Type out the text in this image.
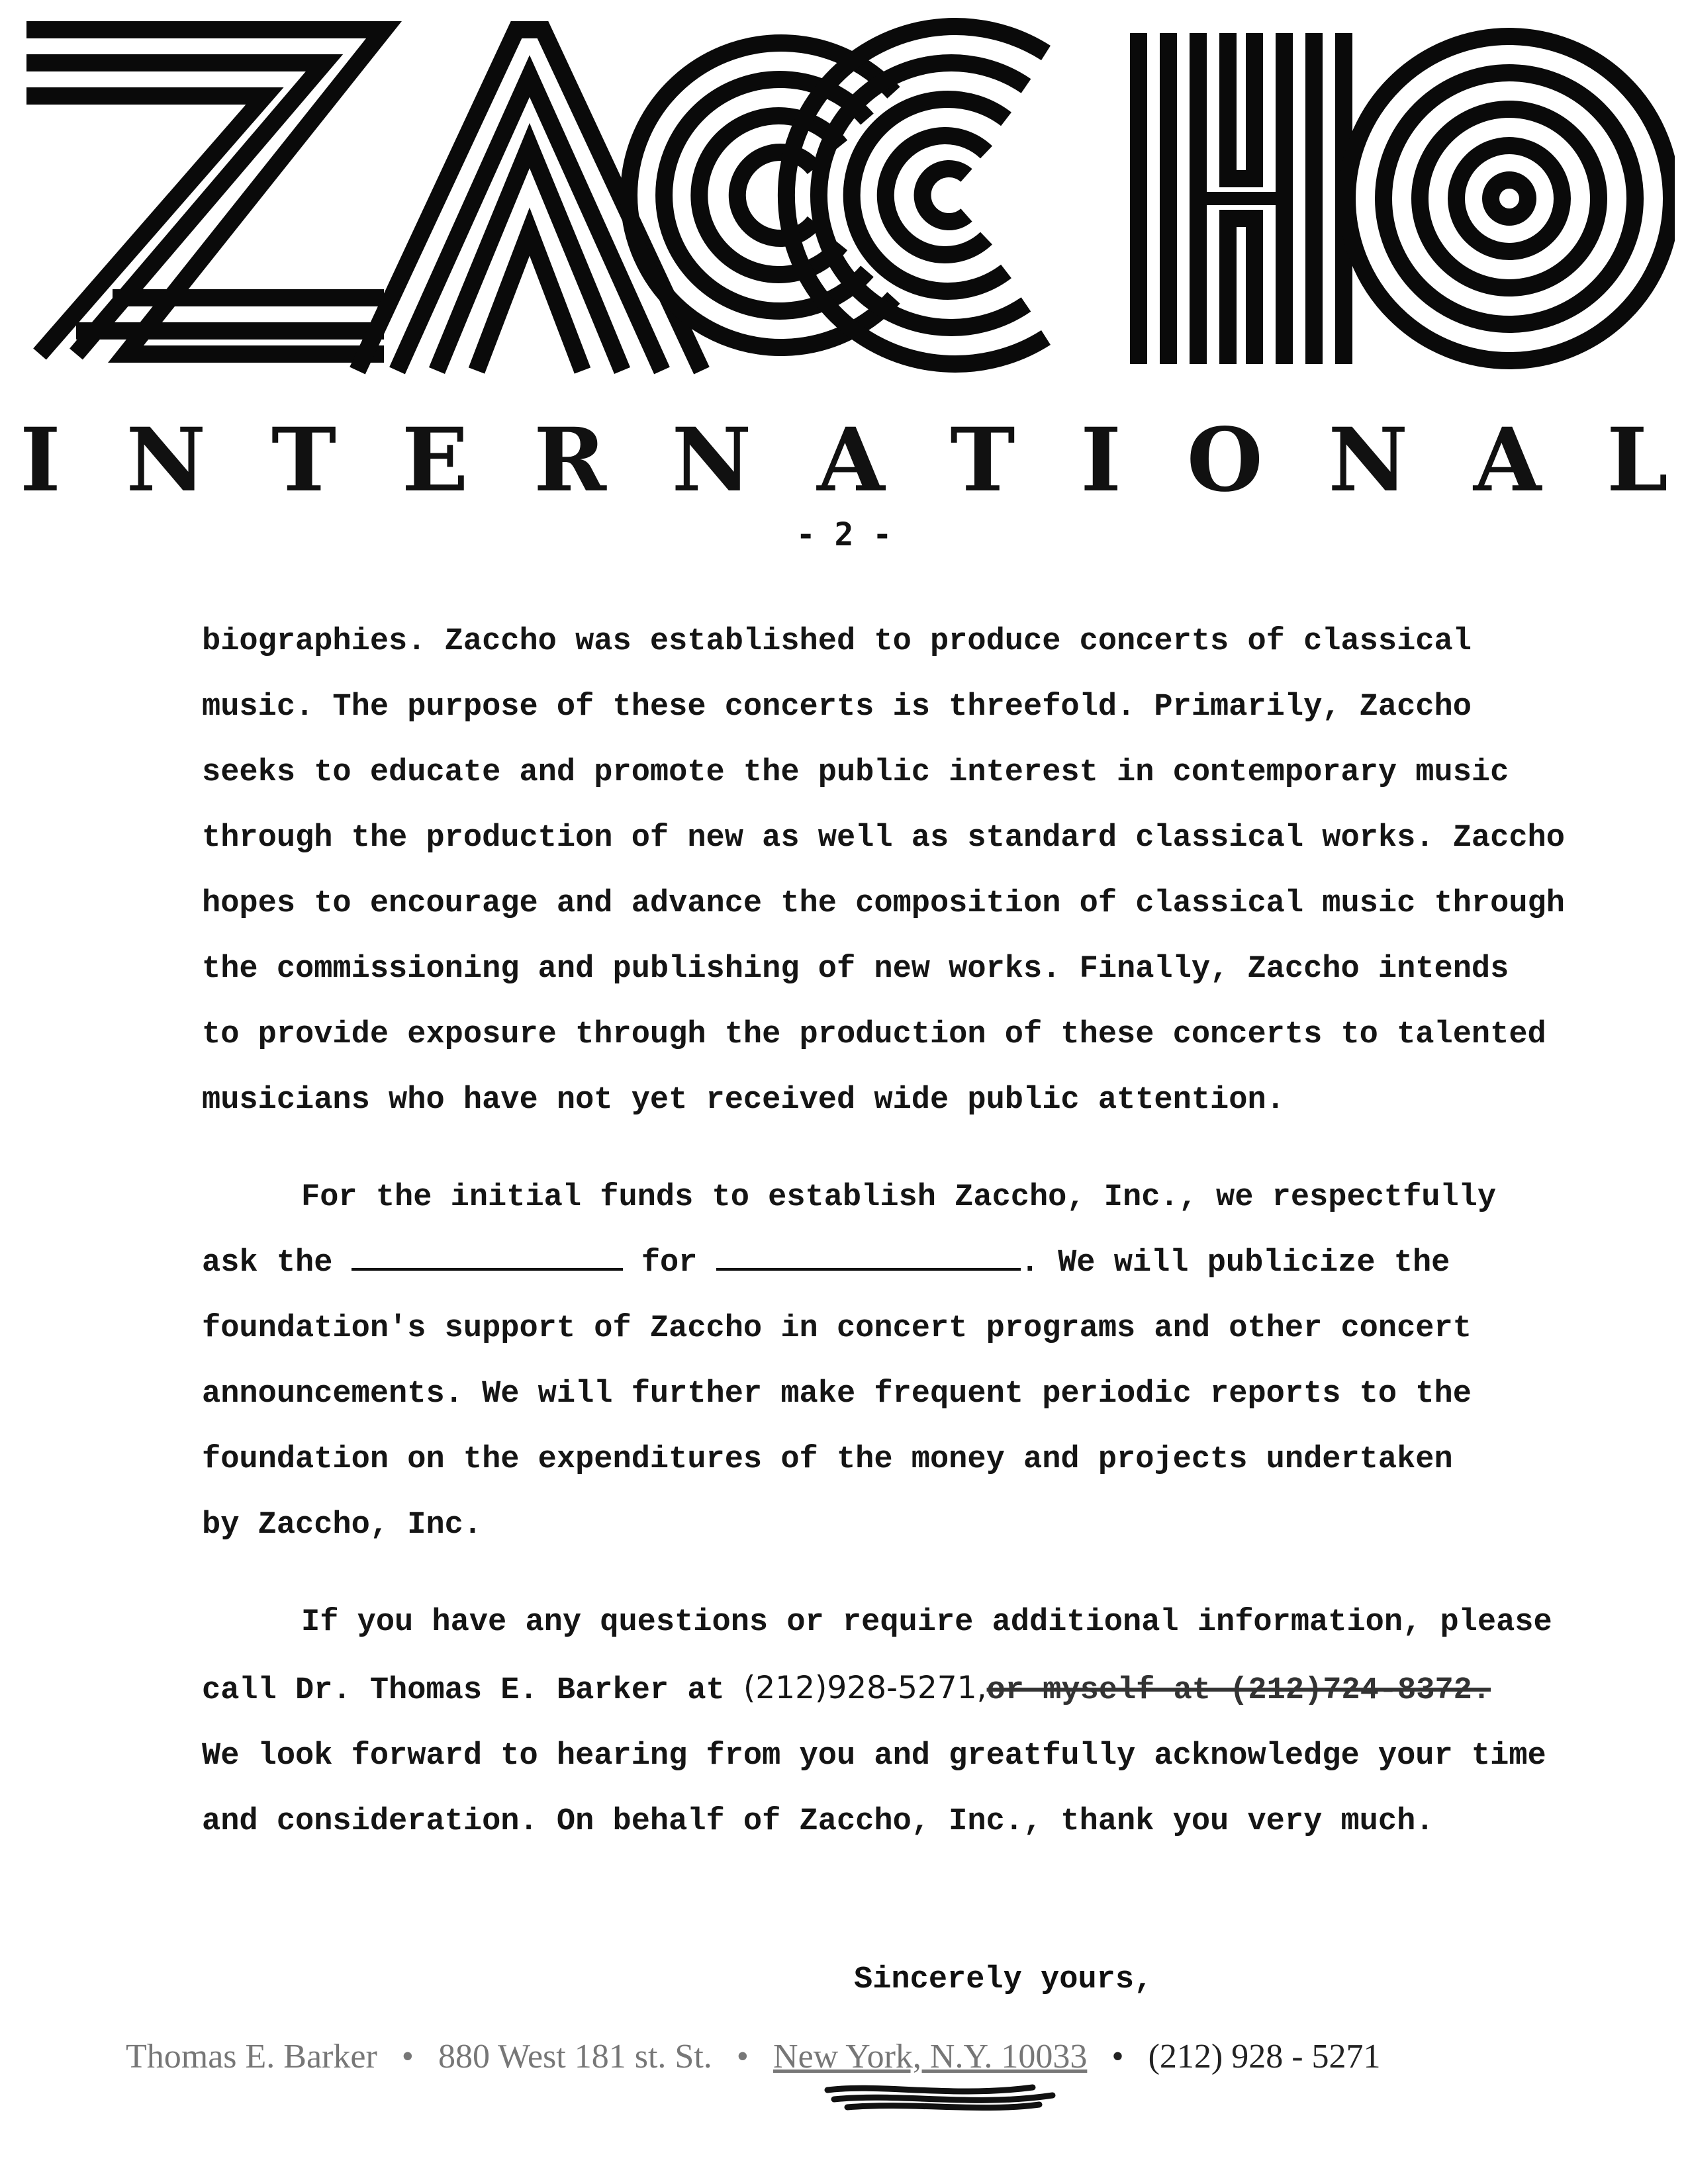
I N T E R N A T I O N A L
- 2 -
biographies. Zaccho was established to produce concerts of classical
music. The purpose of these concerts is threefold. Primarily, Zaccho
seeks to educate and promote the public interest in contemporary music
through the production of new as well as standard classical works. Zaccho
hopes to encourage and advance the composition of classical music through
the commissioning and publishing of new works. Finally, Zaccho intends
to provide exposure through the production of these concerts to talented
musicians who have not yet received wide public attention.
For the initial funds to establish Zaccho, Inc., we respectfully
ask the	for	. We will publicize the
foundation's support of Zaccho in concert programs and other concert
announcements. We will further make frequent periodic reports to the
foundation on the expenditures of the money and projects undertaken
by Zaccho, Inc.
If you have any questions or require additional information, please
call Dr. Thomas E. Barker at (212)928-5271,or myself at (212)724-8372.
We look forward to hearing from you and greatfully acknowledge your time
and consideration. On behalf of Zaccho, Inc., thank you very much.
Sincerely yours,
Thomas E. Barker • 880 West 181 st. St. • New York, N.Y. 10033 • (212) 928 - 5271
